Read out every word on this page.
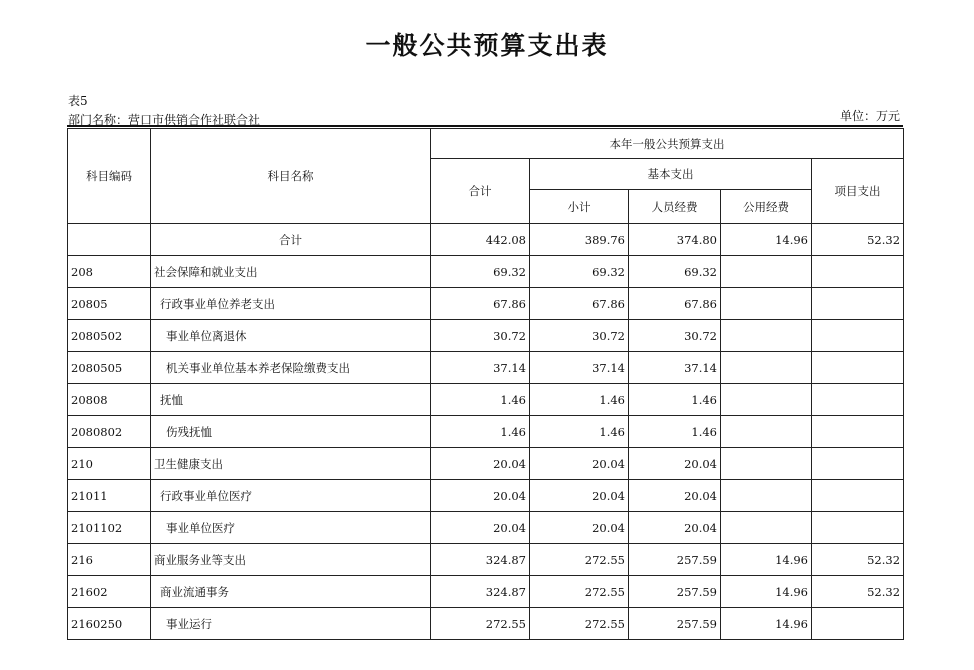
一般公共预算支出表
表5
部门名称：营口市供销合作社联合社	单位：万元
科目编码	科目名称	本年一般公共预算支出				
		合计	基本支出			项目支出
			小计	人员经费	公用经费	
	合计	442.08	389.76	374.80	14.96	52.32
208	社会保障和就业支出	69.32	69.32	69.32		
20805	行政事业单位养老支出	67.86	67.86	67.86		
2080502	事业单位离退休	30.72	30.72	30.72		
2080505	机关事业单位基本养老保险缴费支出	37.14	37.14	37.14		
20808	抚恤	1.46	1.46	1.46		
2080802	伤残抚恤	1.46	1.46	1.46		
210	卫生健康支出	20.04	20.04	20.04		
21011	行政事业单位医疗	20.04	20.04	20.04		
2101102	事业单位医疗	20.04	20.04	20.04		
216	商业服务业等支出	324.87	272.55	257.59	14.96	52.32
21602	商业流通事务	324.87	272.55	257.59	14.96	52.32
2160250	事业运行	272.55	272.55	257.59	14.96	
